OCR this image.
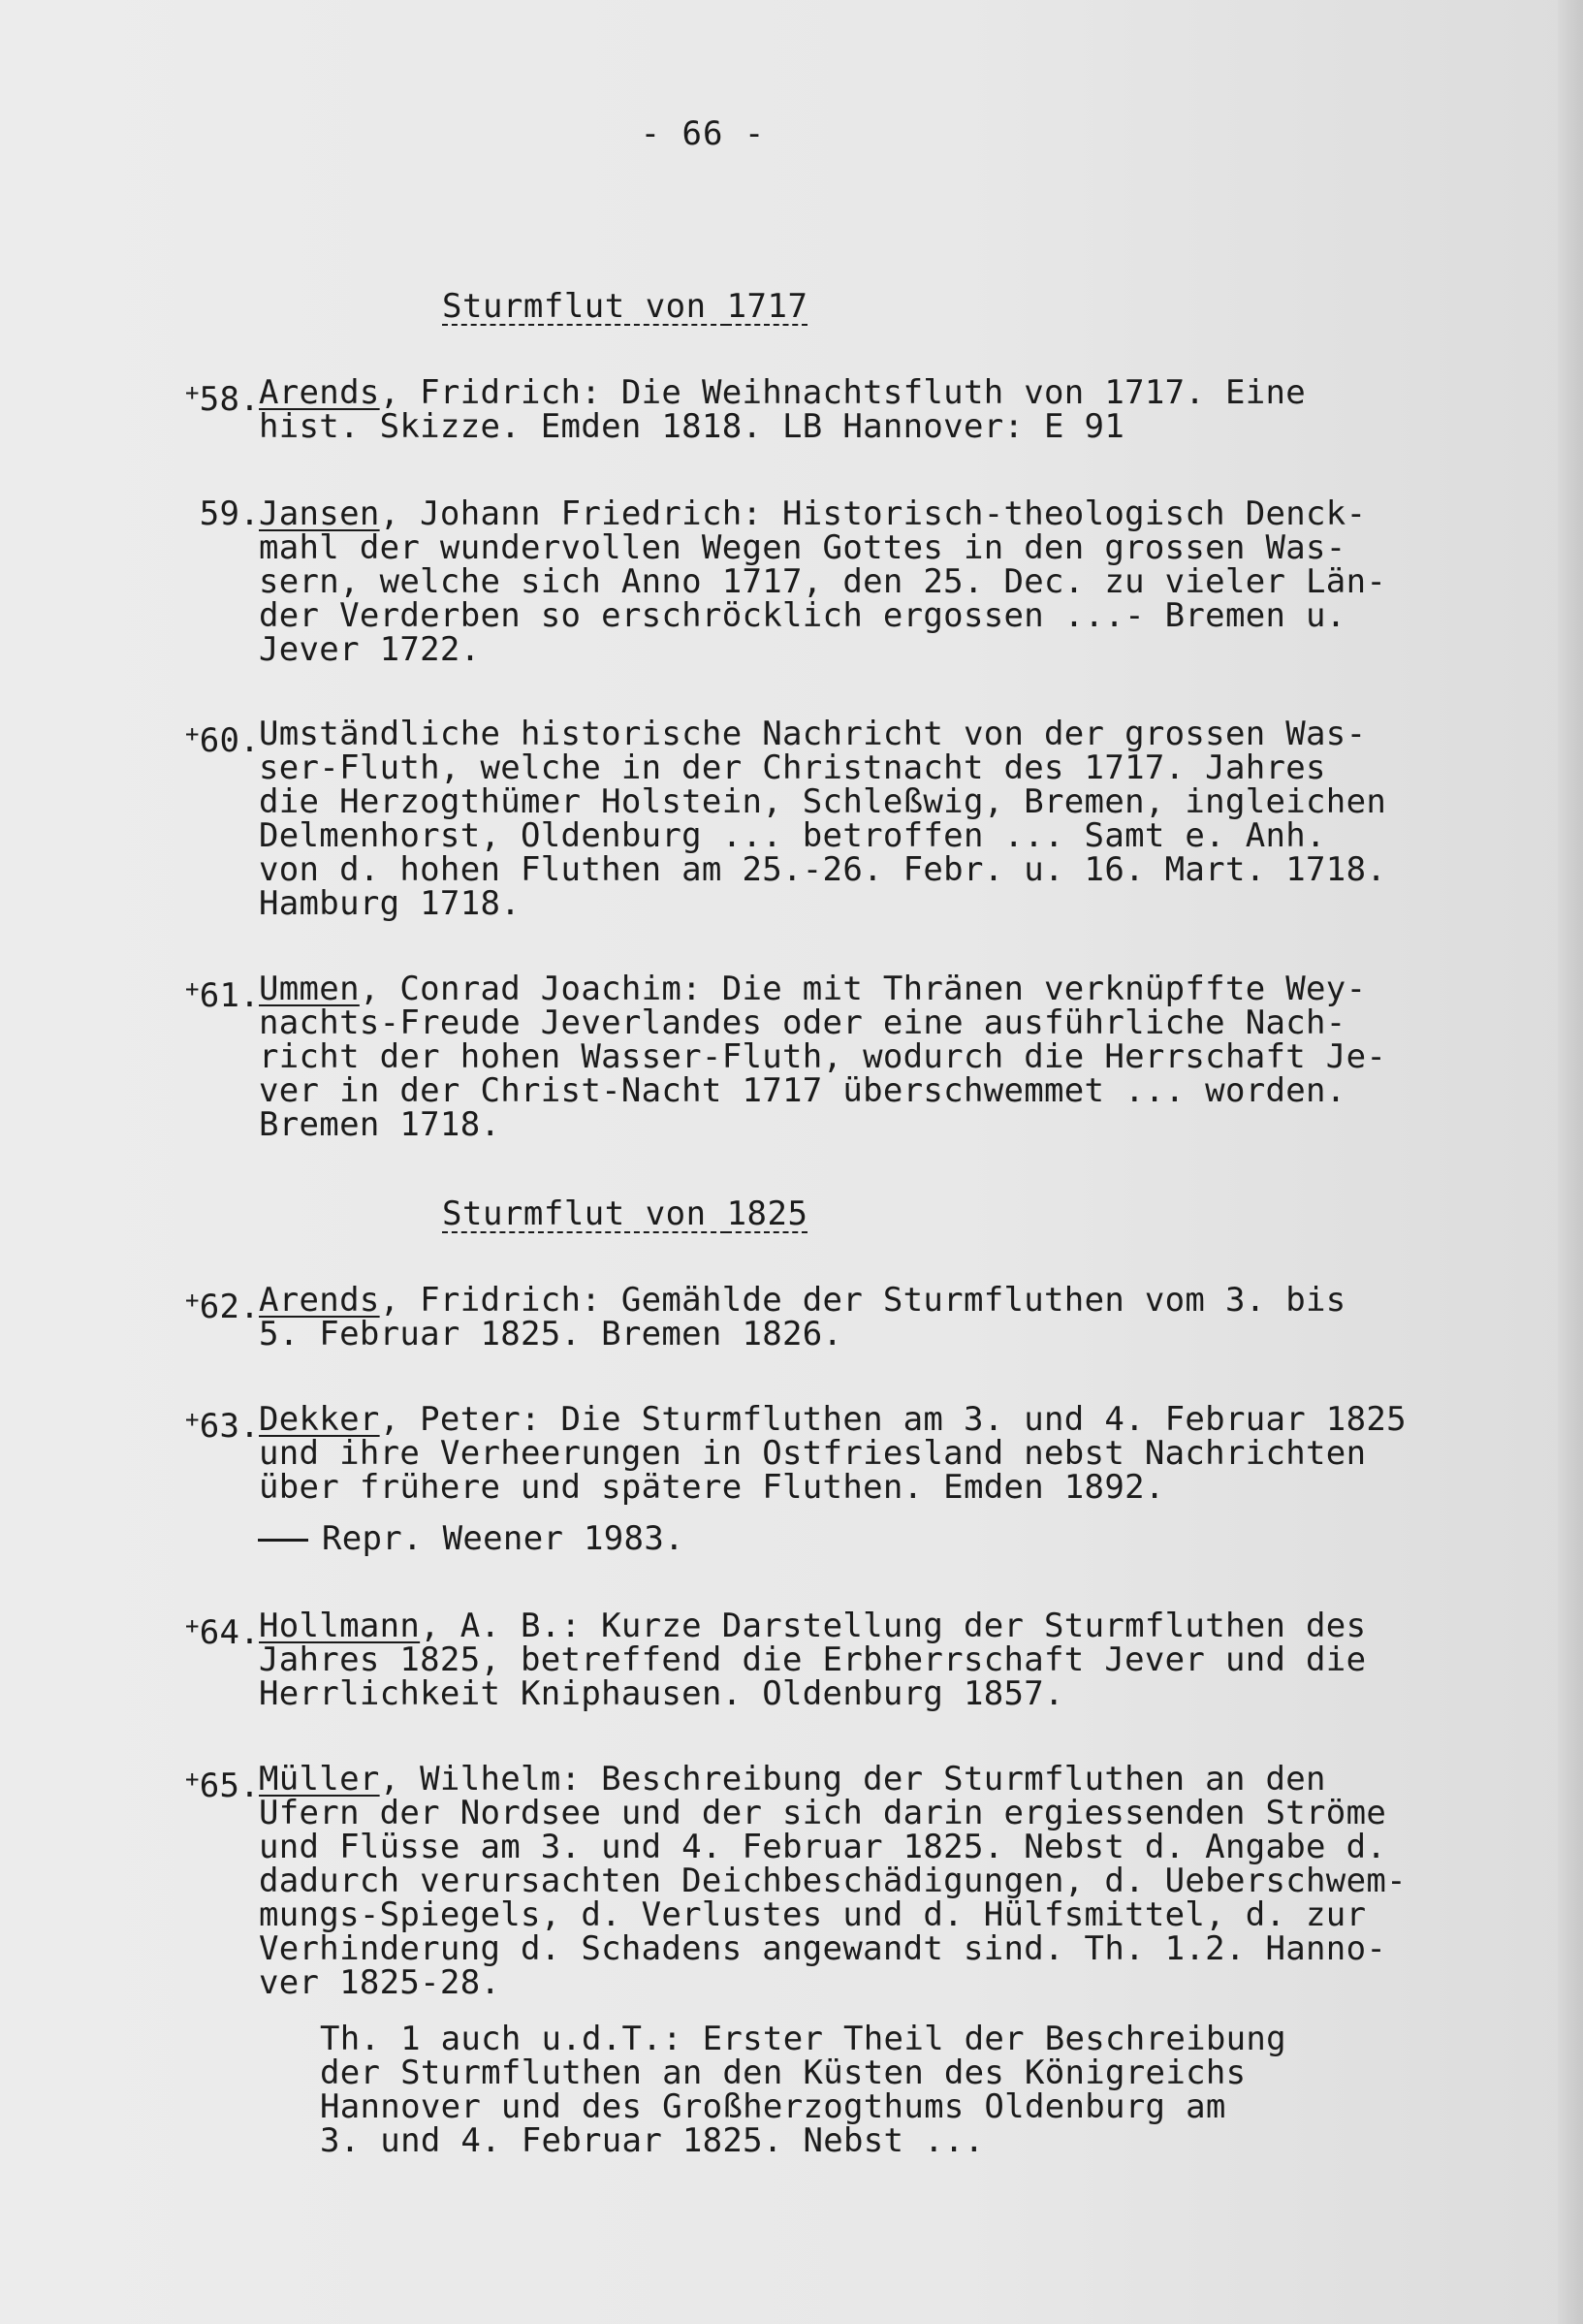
- 66 -
Sturmflut von 1717
+58. Arends, Fridrich: Die Weihnachtsfluth von 1717. Eine
hist. Skizze. Emden 1818. LB Hannover: E 91
59. Jansen, Johann Friedrich: Historisch-theologisch Denck-
mahl der wundervollen Wegen Gottes in den grossen Was-
sern, welche sich Anno 1717, den 25. Dec. zu vieler Län-
der Verderben so erschröcklich ergossen ...- Bremen u.
Jever 1722.
+60. Umständliche historische Nachricht von der grossen Was-
ser-Fluth, welche in der Christnacht des 1717. Jahres
die Herzogthümer Holstein, Schleßwig, Bremen, ingleichen
Delmenhorst, Oldenburg ... betroffen ... Samt e. Anh.
von d. hohen Fluthen am 25.-26. Febr. u. 16. Mart. 1718.
Hamburg 1718.
+61. Ummen, Conrad Joachim: Die mit Thränen verknüpffte Wey-
nachts-Freude Jeverlandes oder eine ausführliche Nach-
richt der hohen Wasser-Fluth, wodurch die Herrschaft Je-
ver in der Christ-Nacht 1717 überschwemmet ... worden.
Bremen 1718.
Sturmflut von 1825
+62. Arends, Fridrich: Gemählde der Sturmfluthen vom 3. bis
5. Februar 1825. Bremen 1826.
+63. Dekker, Peter: Die Sturmfluthen am 3. und 4. Februar 1825
und ihre Verheerungen in Ostfriesland nebst Nachrichten
über frühere und spätere Fluthen. Emden 1892.
Repr. Weener 1983.
+64. Hollmann, A. B.: Kurze Darstellung der Sturmfluthen des
Jahres 1825, betreffend die Erbherrschaft Jever und die
Herrlichkeit Kniphausen. Oldenburg 1857.
+65. Müller, Wilhelm: Beschreibung der Sturmfluthen an den
Ufern der Nordsee und der sich darin ergiessenden Ströme
und Flüsse am 3. und 4. Februar 1825. Nebst d. Angabe d.
dadurch verursachten Deichbeschädigungen, d. Ueberschwem-
mungs-Spiegels, d. Verlustes und d. Hülfsmittel, d. zur
Verhinderung d. Schadens angewandt sind. Th. 1.2. Hanno-
ver 1825-28.
Th. 1 auch u.d.T.: Erster Theil der Beschreibung
der Sturmfluthen an den Küsten des Königreichs
Hannover und des Großherzogthums Oldenburg am
3. und 4. Februar 1825. Nebst ...
